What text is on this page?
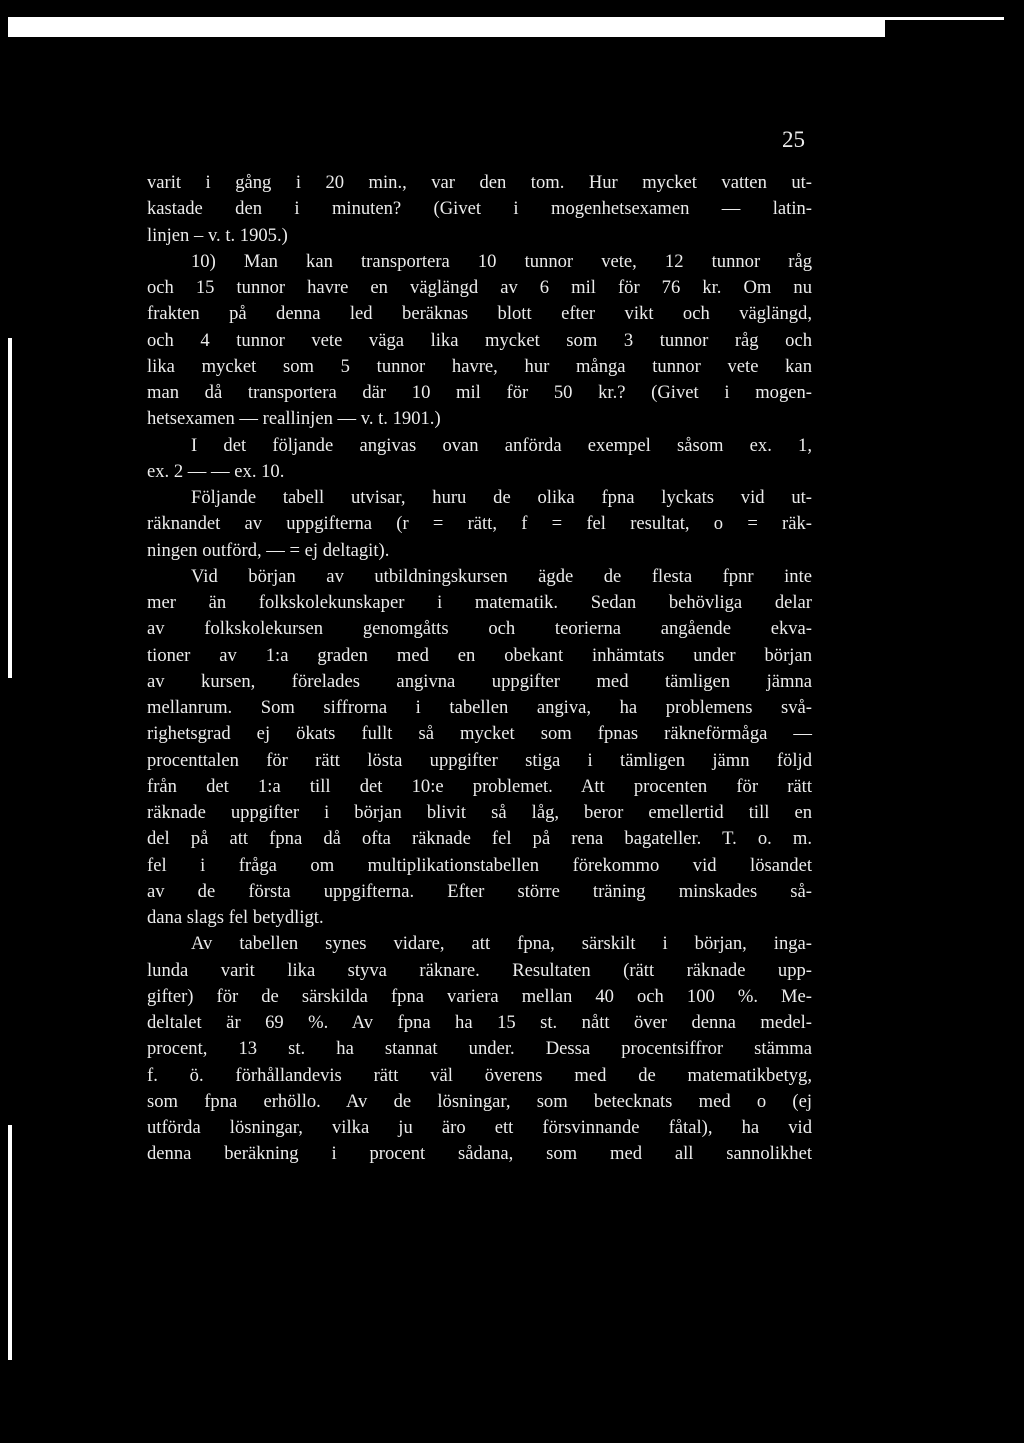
25
varit i gång i 20 min., var den tom. Hur mycket vatten ut-
kastade den i minuten? (Givet i mogenhetsexamen — latin-
linjen – v. t. 1905.)
10) Man kan transportera 10 tunnor vete, 12 tunnor råg
och 15 tunnor havre en väglängd av 6 mil för 76 kr. Om nu
frakten på denna led beräknas blott efter vikt och väglängd,
och 4 tunnor vete väga lika mycket som 3 tunnor råg och
lika mycket som 5 tunnor havre, hur många tunnor vete kan
man då transportera där 10 mil för 50 kr.? (Givet i mogen-
hetsexamen — reallinjen — v. t. 1901.)
I det följande angivas ovan anförda exempel såsom ex. 1,
ex. 2 — — ex. 10.
Följande tabell utvisar, huru de olika fpna lyckats vid ut-
räknandet av uppgifterna (r = rätt, f = fel resultat, o = räk-
ningen outförd, — = ej deltagit).
Vid början av utbildningskursen ägde de flesta fpnr inte
mer än folkskolekunskaper i matematik. Sedan behövliga delar
av folkskolekursen genomgåtts och teorierna angående ekva-
tioner av 1:a graden med en obekant inhämtats under början
av kursen, förelades angivna uppgifter med tämligen jämna
mellanrum. Som siffrorna i tabellen angiva, ha problemens svå-
righetsgrad ej ökats fullt så mycket som fpnas räkneförmåga —
procenttalen för rätt lösta uppgifter stiga i tämligen jämn följd
från det 1:a till det 10:e problemet. Att procenten för rätt
räknade uppgifter i början blivit så låg, beror emellertid till en
del på att fpna då ofta räknade fel på rena bagateller. T. o. m.
fel i fråga om multiplikationstabellen förekommo vid lösandet
av de första uppgifterna. Efter större träning minskades så-
dana slags fel betydligt.
Av tabellen synes vidare, att fpna, särskilt i början, inga-
lunda varit lika styva räknare. Resultaten (rätt räknade upp-
gifter) för de särskilda fpna variera mellan 40 och 100 %. Me-
deltalet är 69 %. Av fpna ha 15 st. nått över denna medel-
procent, 13 st. ha stannat under. Dessa procentsiffror stämma
f. ö. förhållandevis rätt väl överens med de matematikbetyg,
som fpna erhöllo. Av de lösningar, som betecknats med o (ej
utförda lösningar, vilka ju äro ett försvinnande fåtal), ha vid
denna beräkning i procent sådana, som med all sannolikhet
